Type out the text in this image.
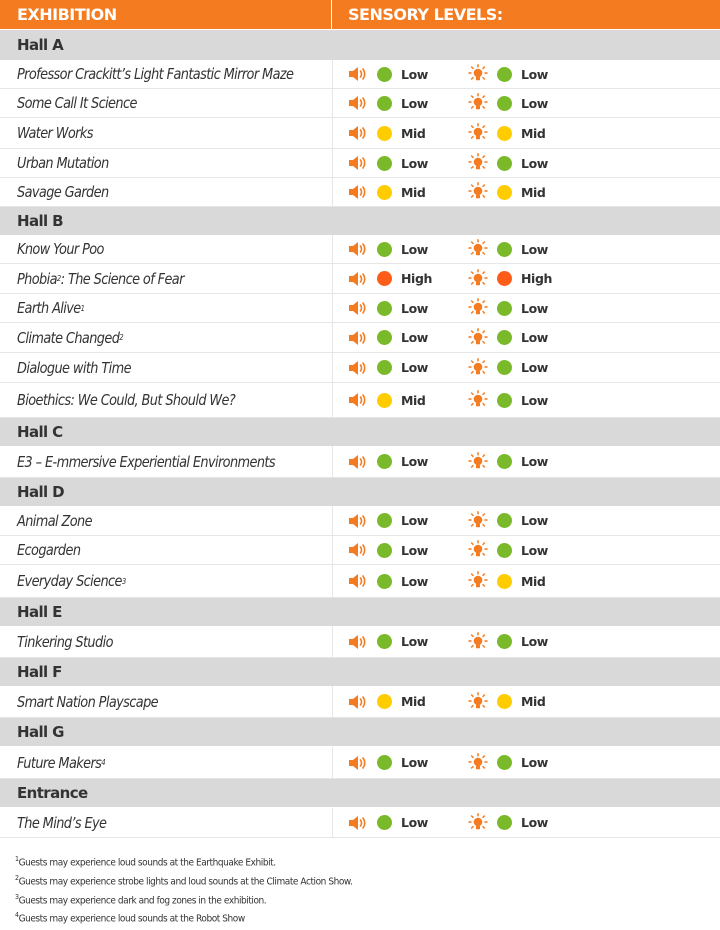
EXHIBITION	SENSORY LEVELS:
Hall A
Professor Crackitt’s Light Fantastic Mirror Maze	Low	Low
Some Call It Science	Low	Low
Water Works	Mid	Mid
Urban Mutation	Low	Low
Savage Garden	Mid	Mid
Hall B
Know Your Poo	Low	Low
Phobia 2 : The Science of Fear	High	High
Earth Alive 1	Low	Low
Climate Changed 2	Low	Low
Dialogue with Time	Low	Low
Bioethics: We Could, But Should We?	Mid	Low
Hall C
E3 – E-mmersive Experiential Environments	Low	Low
Hall D
Animal Zone	Low	Low
Ecogarden	Low	Low
Everyday Science 3	Low	Mid
Hall E
Tinkering Studio	Low	Low
Hall F
Smart Nation Playscape	Mid	Mid
Hall G
Future Makers 4	Low	Low
Entrance
The Mind’s Eye	Low	Low
$^1$Guests may experience loud sounds at the Earthquake Exhibit.
$^2$Guests may experience strobe lights and loud sounds at the Climate Action Show.
$^3$Guests may experience dark and fog zones in the exhibition.
$^4$Guests may experience loud sounds at the Robot Show
